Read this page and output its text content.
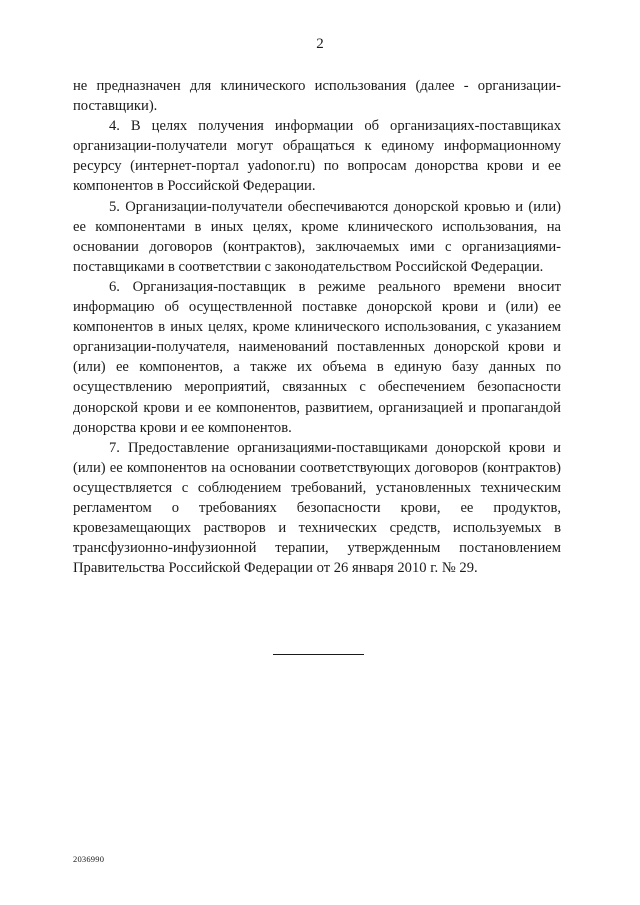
2

не предназначен для клинического использования (далее - организации-поставщики).

4. В целях получения информации об организациях-поставщиках организации-получатели могут обращаться к единому информационному ресурсу (интернет-портал yadonor.ru) по вопросам донорства крови и ее компонентов в Российской Федерации.

5. Организации-получатели обеспечиваются донорской кровью и (или) ее компонентами в иных целях, кроме клинического использования, на основании договоров (контрактов), заключаемых ими с организациями-поставщиками в соответствии с законодательством Российской Федерации.

6. Организация-поставщик в режиме реального времени вносит информацию об осуществленной поставке донорской крови и (или) ее компонентов в иных целях, кроме клинического использования, с указанием организации-получателя, наименований поставленных донорской крови и (или) ее компонентов, а также их объема в единую базу данных по осуществлению мероприятий, связанных с обеспечением безопасности донорской крови и ее компонентов, развитием, организацией и пропагандой донорства крови и ее компонентов.

7. Предоставление организациями-поставщиками донорской крови и (или) ее компонентов на основании соответствующих договоров (контрактов) осуществляется с соблюдением требований, установленных техническим регламентом о требованиях безопасности крови, ее продуктов, кровезамещающих растворов и технических средств, используемых в трансфузионно-инфузионной терапии, утвержденным постановлением Правительства Российской Федерации от 26 января 2010 г. № 29.

2036990
